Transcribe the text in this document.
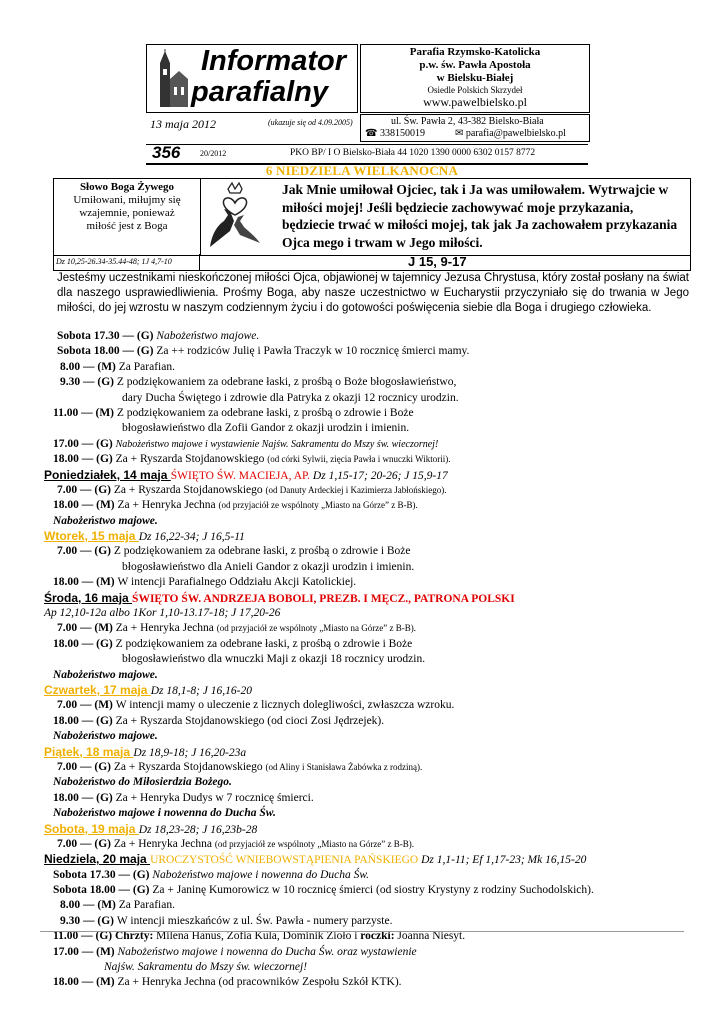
Informator
parafialny
Parafia Rzymsko-Katolicka
p.w. św. Pawła Apostoła
w Bielsku-Białej
Osiedle Polskich Skrzydeł
www.pawelbielsko.pl
13 maja 2012	(ukazuje się od 4.09.2005)	ul. Św. Pawła 2, 43-382 Bielsko-Biała
☎ 338150019	✉ parafia@pawelbielsko.pl
356 20/2012	PKO BP/ I O Bielsko-Biała 44 1020 1390 0000 6302 0157 8772
6 NIEDZIELA WIELKANOCNA
Słowo Boga Żywego
Umiłowani, miłujmy się
wzajemnie, ponieważ
miłość jest z Boga
Jak Mnie umiłował Ojciec, tak i Ja was umiłowałem. Wytrwajcie w miłości mojej! Jeśli będziecie zachowywać moje przykazania, będziecie trwać w miłości mojej, tak jak Ja zachowałem przykazania Ojca mego i trwam w Jego miłości.
Dz 10,25-26.34-35.44-48; 1J 4,7-10	J 15, 9-17
Jesteśmy uczestnikami nieskończonej miłości Ojca, objawionej w tajemnicy Jezusa Chrystusa, który został posłany na świat dla naszego usprawiedliwienia. Prośmy Boga, aby nasze uczestnictwo w Eucharystii przyczyniało się do trwania w Jego miłości, do jej wzrostu w naszym codziennym życiu i do gotowości poświęcenia siebie dla Boga i drugiego człowieka.
Sobota 17.30 — (G) Nabożeństwo majowe.
Sobota 18.00 — (G) Za ++ rodziców Julię i Pawła Traczyk w 10 rocznicę śmierci mamy.
8.00 — (M) Za Parafian.
9.30 — (G) Z podziękowaniem za odebrane łaski, z prośbą o Boże błogosławieństwo,
dary Ducha Świętego i zdrowie dla Patryka z okazji 12 rocznicy urodzin.
11.00 — (M) Z podziękowaniem za odebrane łaski, z prośbą o zdrowie i Boże
błogosławieństwo dla Zofii Gandor z okazji urodzin i imienin.
17.00 — (G) Nabożeństwo majowe i wystawienie Najśw. Sakramentu do Mszy św. wieczornej!
18.00 — (G) Za + Ryszarda Stojdanowskiego (od córki Sylwii, zięcia Pawła i wnuczki Wiktorii).
Poniedziałek, 14 maja ŚWIĘTO ŚW. MACIEJA, AP. Dz 1,15-17; 20-26; J 15,9-17
7.00 — (G) Za + Ryszarda Stojdanowskiego (od Danuty Ardeckiej i Kazimierza Jabłońskiego).
18.00 — (M) Za + Henryka Jechna (od przyjaciół ze wspólnoty „Miasto na Górze” z B-B).
Nabożeństwo majowe.
Wtorek, 15 maja Dz 16,22-34; J 16,5-11
7.00 — (G) Z podziękowaniem za odebrane łaski, z prośbą o zdrowie i Boże
błogosławieństwo dla Anieli Gandor z okazji urodzin i imienin.
18.00 — (M) W intencji Parafialnego Oddziału Akcji Katolickiej.
Środa, 16 maja ŚWIĘTO ŚW. ANDRZEJA BOBOLI, PREZB. I MĘCZ., PATRONA POLSKI
Ap 12,10-12a albo 1Kor 1,10-13.17-18; J 17,20-26
7.00 — (M) Za + Henryka Jechna (od przyjaciół ze wspólnoty „Miasto na Górze” z B-B).
18.00 — (G) Z podziękowaniem za odebrane łaski, z prośbą o zdrowie i Boże
błogosławieństwo dla wnuczki Maji z okazji 18 rocznicy urodzin.
Nabożeństwo majowe.
Czwartek, 17 maja Dz 18,1-8; J 16,16-20
7.00 — (M) W intencji mamy o uleczenie z licznych dolegliwości, zwłaszcza wzroku.
18.00 — (G) Za + Ryszarda Stojdanowskiego (od cioci Zosi Jędrzejek).
Nabożeństwo majowe.
Piątek, 18 maja Dz 18,9-18; J 16,20-23a
7.00 — (G) Za + Ryszarda Stojdanowskiego (od Aliny i Stanisława Żabówka z rodziną).
Nabożeństwo do Miłosierdzia Bożego.
18.00 — (G) Za + Henryka Dudys w 7 rocznicę śmierci.
Nabożeństwo majowe i nowenna do Ducha Św.
Sobota, 19 maja Dz 18,23-28; J 16,23b-28
7.00 — (G) Za + Henryka Jechna (od przyjaciół ze wspólnoty „Miasto na Górze” z B-B).
Niedziela, 20 maja UROCZYSTOŚĆ WNIEBOWSTĄPIENIA PAŃSKIEGO Dz 1,1-11; Ef 1,17-23; Mk 16,15-20
Sobota 17.30 — (G) Nabożeństwo majowe i nowenna do Ducha Św.
Sobota 18.00 — (G) Za + Janinę Kumorowicz w 10 rocznicę śmierci (od siostry Krystyny z rodziny Suchodolskich).
8.00 — (M) Za Parafian.
9.30 — (G) W intencji mieszkańców z ul. Św. Pawła - numery parzyste.
11.00 — (G) Chrzty: Milena Hanus, Zofia Kula, Dominik Zioło i roczki: Joanna Niesyt.
17.00 — (M) Nabożeństwo majowe i nowenna do Ducha Św. oraz wystawienie
Najśw. Sakramentu do Mszy św. wieczornej!
18.00 — (M) Za + Henryka Jechna (od pracowników Zespołu Szkół KTK).
